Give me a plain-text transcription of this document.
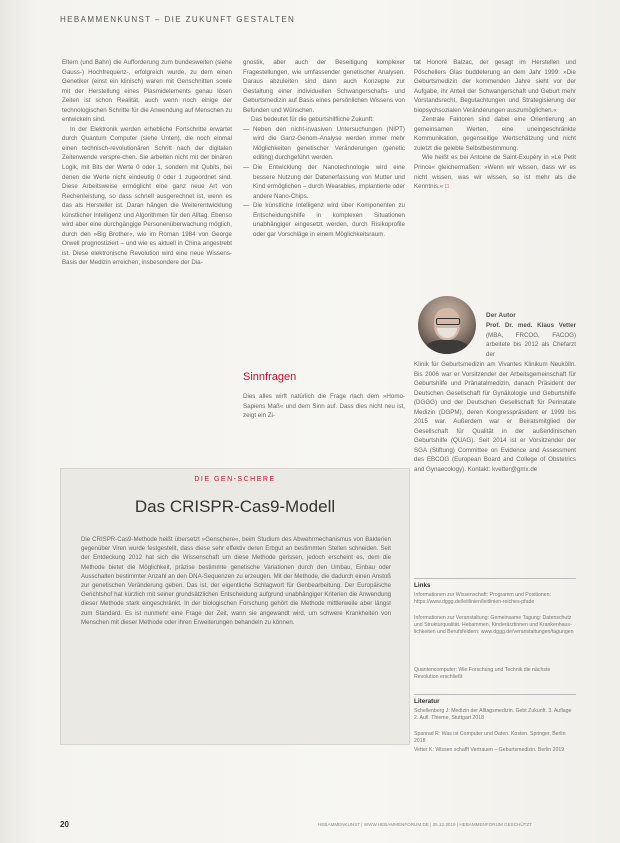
HEBAMMENKUNST – DIE ZUKUNFT GESTALTEN

Eltern (und Bahn) die Aufforderung zum bundesweiten (siehe Gauss-) Hochfrequenz-, erfolgreich wurde, zu dem einen Genetiker (einst ein klinisch) waren mit Genschnitten sowie mit der Herstellung eines Plasmidelements genau lösen Zeiten ist schon Realität, auch wenn noch einige der technologischen Schritte für die Anwendung auf Menschen zu entwickeln sind.

In der Elektronik werden erhebliche Fortschritte erwartet durch Quantum Computer (siehe Unten), die noch einmal einen technisch-revolutionären Schritt nach der digitalen Zeitenwende verspre-chen. Sie arbeiten nicht mit der binären Logik, mit Bits der Werte 0 oder 1, sondern mit Qubits, bei denen die Werte nicht eindeutig 0 oder 1 zugeordnet sind. Diese Arbeitsweise ermöglicht eine ganz neue Art von Rechenleistung, so dass schnell ausgerechnet ist, wenn es das als Hersteller ist. Daran hängen die Weiterentwicklung künstlicher Intelligenz und Algorithmen für den Alltag. Ebenso wird aber eine durchgängige Personenüberwachung möglich, durch den »Big Brother«, wie im Roman 1984 von George Orwell prognostiziert – und wie es aktuell in China angestrebt ist. Diese elektronische Revolution wird eine neue Wissens-Basis der Medizin erreichen, insbesondere der Dia-

gnostik, aber auch der Beseitigung komplexer Fragestellungen, wie umfassender genetischer Analysen. Daraus abzuleiten sind dann auch Konzepte zur Gestaltung einer individuellen Schwangerschafts- und Geburtsmedizin auf Basis eines persönlichen Wissens von Befunden und Wünschen.

Das bedeutet für die geburtshilfliche Zukunft:

— Neben den nicht-invasiven Untersuchungen (NIPT) wird die Ganz-Genom-Analyse werden immer mehr Möglichkeiten genetischer Veränderungen (genetic editing) durchgeführt werden.
— Die Entwicklung der Nanotechnologie wird eine bessere Nutzung der Datenerfassung von Mutter und Kind ermöglichen – durch Wearables, implantierte oder andere Nano-Chips.
— Die künstliche Intelligenz wird über Komponenten zu Entscheidungshilfe in komplexen Situationen unabhängiger eingesetzt werden, durch Risikoprofile oder gar Vorschläge in einem Möglichkeitsraum.
Sinnfragen

Dies alles wirft natürlich die Frage nach dem »Homo-Sapiens Maß« und dem Sinn auf. Dass dies nicht neu ist, zeigt ein Zi-

tat Honoré Balzac, der gesagt im Herstellen und Pöschellers Glas buddelerung an dem Jahr 1999: »Die Geburtsmedizin der kommenden Jahre sieht vor der Aufgabe, ihr Anteil der Schwangerschaft und Geburt mehr Vorstandsrecht, Begutachtungen und Strategisierung der biopsychsozialen Veränderungen auszumöglichen.«

Zentrale Faktoren sind dabei eine Orientierung an gemeinsamen Werten, eine uneingeschränkte Kommunikation, gegenseitige Wertschätzung und nicht zuletzt die gelebte Selbstbestimmung.

Wie heißt es bei Antoine de Saint-Exupéry in »Le Petit Prince« gleichermaßen: »Wenn wir wissen, dass wir es nicht wissen, was wir wissen, so ist mehr als die Kenntnis.« □

Der Autor

Prof. Dr. med. Klaus Vetter (MBA, FRCOG, FACOG) arbeitete bis 2012 als Chefarzt der

Klinik für Geburtsmedizin am Vivantes Klinikum Neukölln. Bis 2006 war er Vorsitzender der Arbeitsgemeinschaft für Geburtshilfe und Pränatalmedizin, danach Präsident der Deutschen Gesellschaft für Gynäkologie und Geburtshilfe (DGGG) und der Deutschen Gesellschaft für Perinatale Medizin (DGPM), deren Kongresspräsident er 1999 bis 2015 war. Außerdem war er Beiratsmitglied der Gesellschaft für Qualität in der außerklinischen Geburtshilfe (QUAG). Seit 2014 ist er Vorsitzender der SGA (Stiftung) Committee on Evidence and Assessment des EBCOG (European Board and College of Obstetrics and Gynaecology). Kontakt: kvetter@gmx.de

Links
Informationen zur Wissenschaft: Programm und Positionen: https://www.dggg.de/leitlinien/leitlinien-reiches-pfade
Informationen zur Veranstaltung: Gemeinsame Tagung: Datenschutz und Strukturqualität. Hebammen, Kinderärztinnen und Krankenhaus-lichkeiten und Berufsfeldern: www.dggg.de/veranstaltungen/tagungen
Quantencomputer: Wie Forschung und Technik die nächste Revolution erschließt
Literatur
Schellenberg J: Medizin der Alltagsmedizin. Gebt Zukunft. 3. Auflage 2. Aufl. Thieme, Stuttgart 2018
Spanrad R: Was ist Computer und Daten. Kosten. Springer, Berlin 2018
Vetter K: Wissen schafft Vertrauen – Geburtsmedizin. Berlin 2019
DIE GEN-SCHERE
Das CRISPR-Cas9-Modell

Die CRISPR-Cas9-Methode heißt übersetzt »Genschere«, beim Studium des Abwehrmechanismus von Bakterien gegenüber Viren wurde festgestellt, dass diese sehr effektiv deren Erbgut an bestimmten Stellen schneiden. Seit der Entdeckung 2012 hat sich die Wissenschaft um diese Methode gerissen, jedoch erscheint es, dem die Methode bietet die Möglichkeit, präzise bestimmte genetische Variationen durch den Umbau, Einbau oder Ausschalten bestimmter Anzahl an den DNA-Sequenzen zu erzeugen. Mit der Methode, die dadurch einen Anstoß zur genetischen Veränderung geben. Das ist, der eigentliche Schlagwort für Genbearbeitung. Der Europäische Gerichtshof hat kürzlich mit seiner grundsätzlichen Entscheidung aufgrund unabhängiger Kriterien die Anwendung dieser Methode stark eingeschränkt. In der biologischen Forschung gehört die Methode mittlerweile aber längst zum Standard. Es ist nunmehr eine Frage der Zeit, wann sie angewandt wird, um schwere Krankheiten von Menschen mit dieser Methode oder ihren Erweiterungen behandeln zu können.

20	HEBAMMENKUNST | WWW.HEBAMMENFORUM.DE | 25.12.2019 | HEBAMMENFORUM GESCHÜTZT
